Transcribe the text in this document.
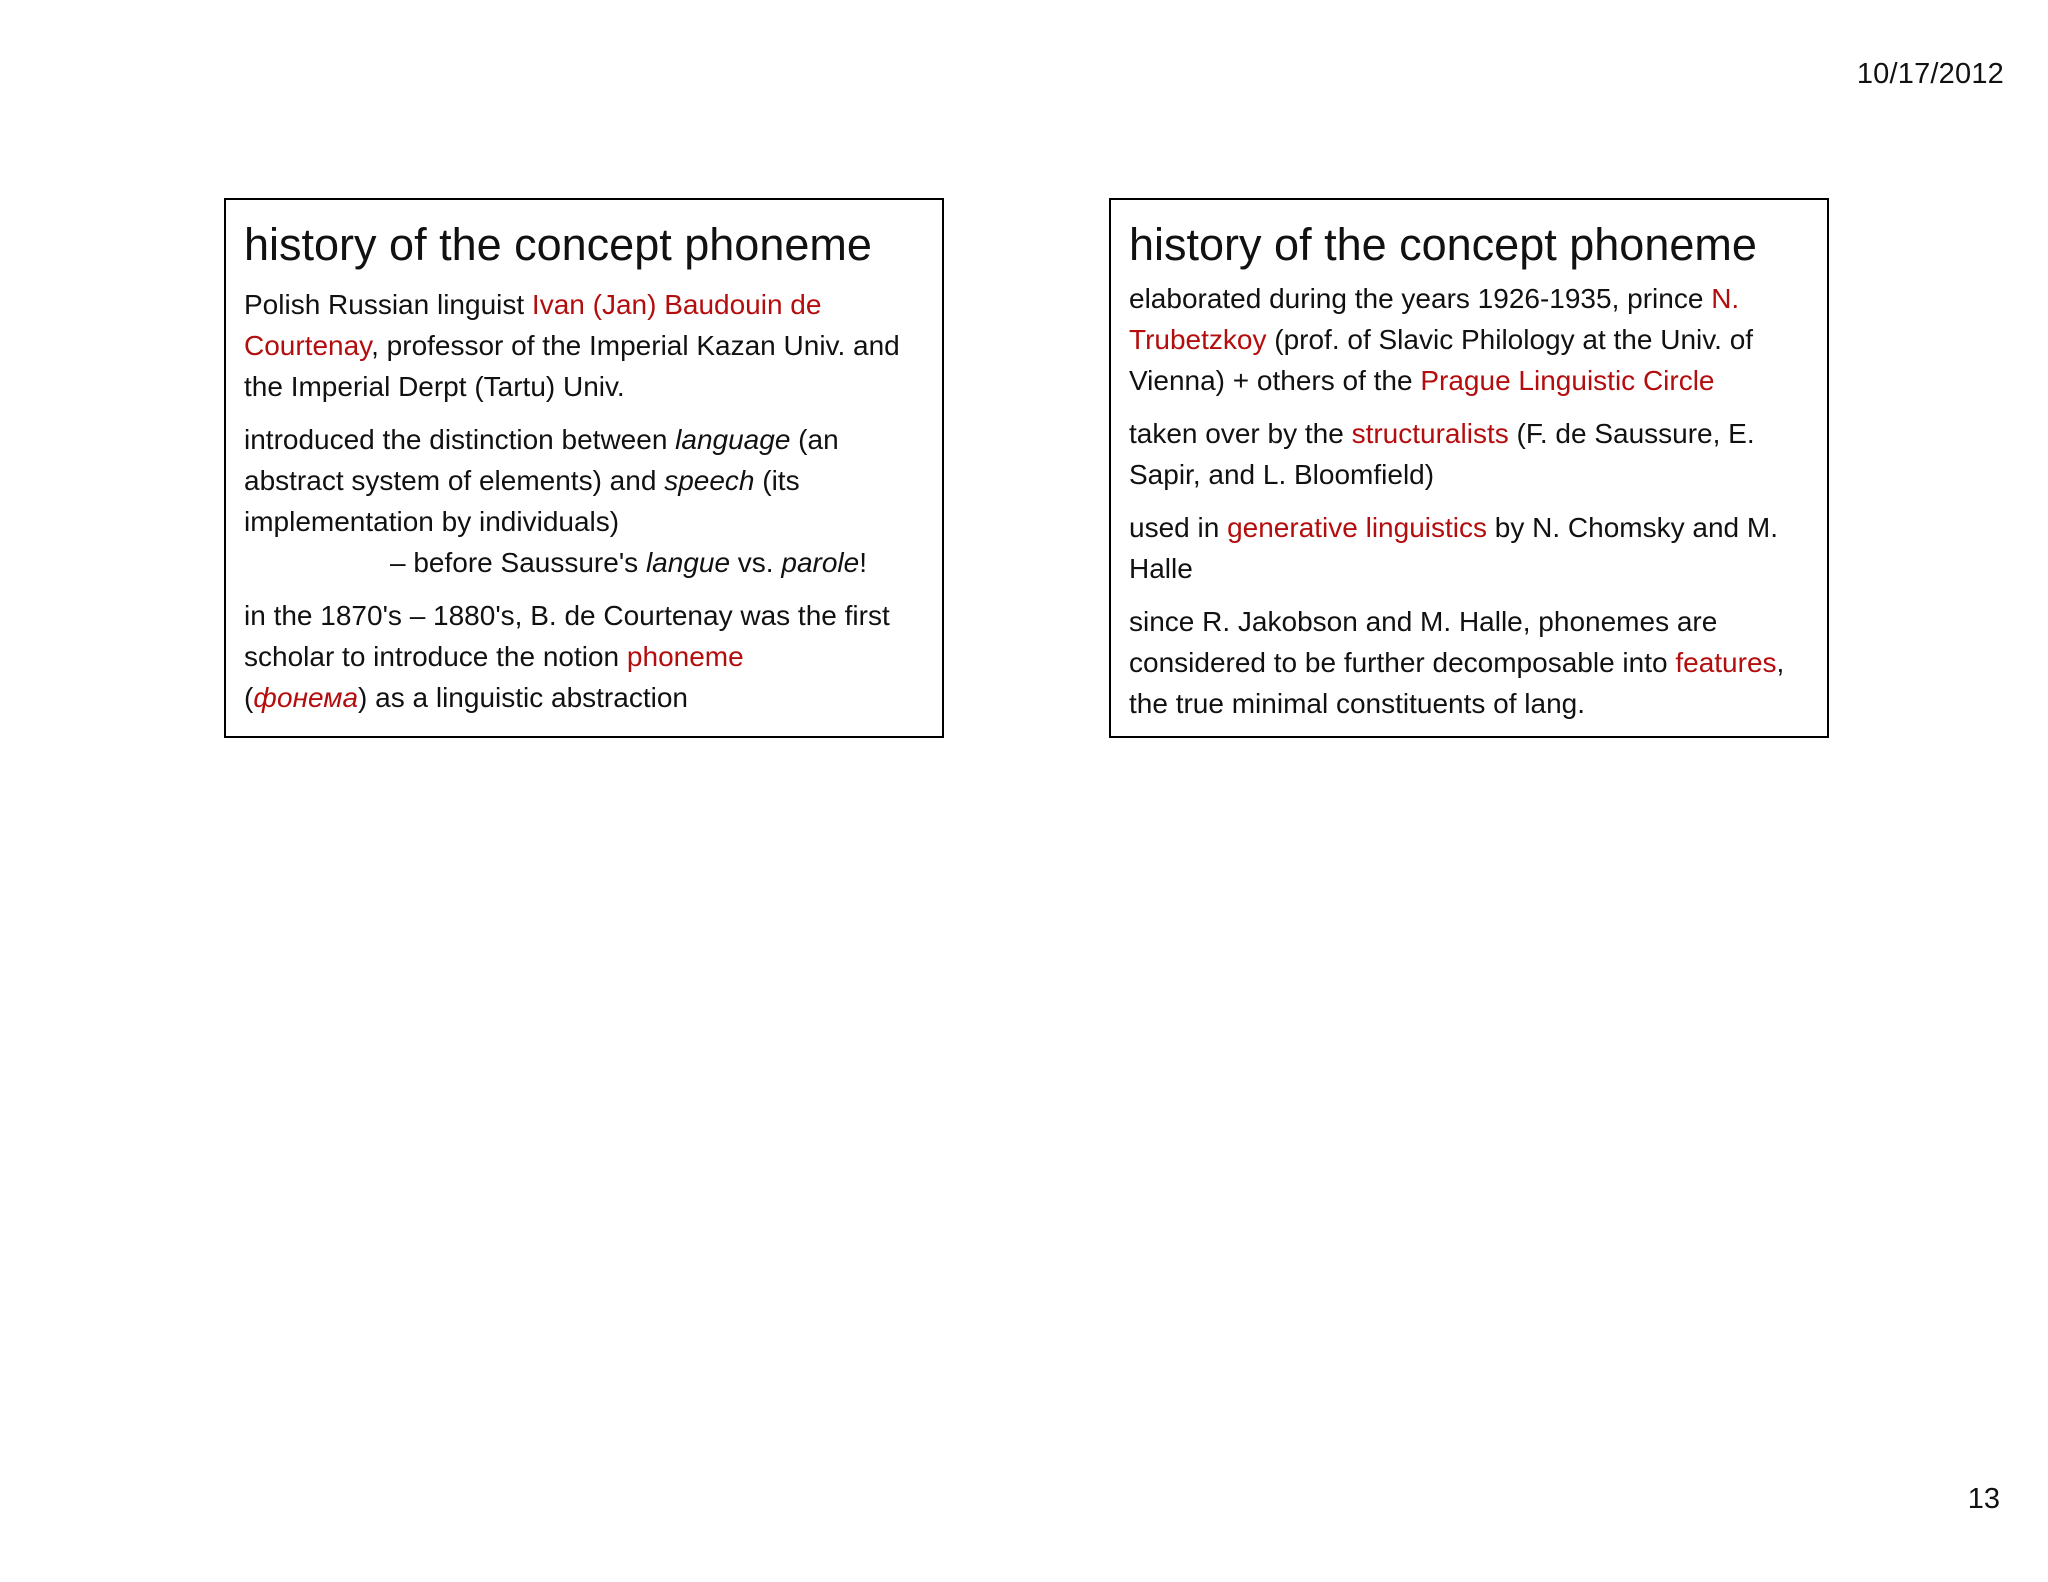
10/17/2012
history of the concept phoneme

Polish Russian linguist Ivan (Jan) Baudouin de Courtenay, professor of the Imperial Kazan Univ. and the Imperial Derpt (Tartu) Univ.

introduced the distinction between language (an abstract system of elements) and speech (its implementation by individuals)
– before Saussure's langue vs. parole!

in the 1870's – 1880's, B. de Courtenay was the first scholar to introduce the notion phoneme
(фонема) as a linguistic abstraction

history of the concept phoneme

elaborated during the years 1926-1935, prince N. Trubetzkoy (prof. of Slavic Philology at the Univ. of Vienna) + others of the Prague Linguistic Circle

taken over by the structuralists (F. de Saussure, E. Sapir, and L. Bloomfield)

used in generative linguistics by N. Chomsky and M. Halle

since R. Jakobson and M. Halle, phonemes are considered to be further decomposable into features, the true minimal constituents of lang.

13
